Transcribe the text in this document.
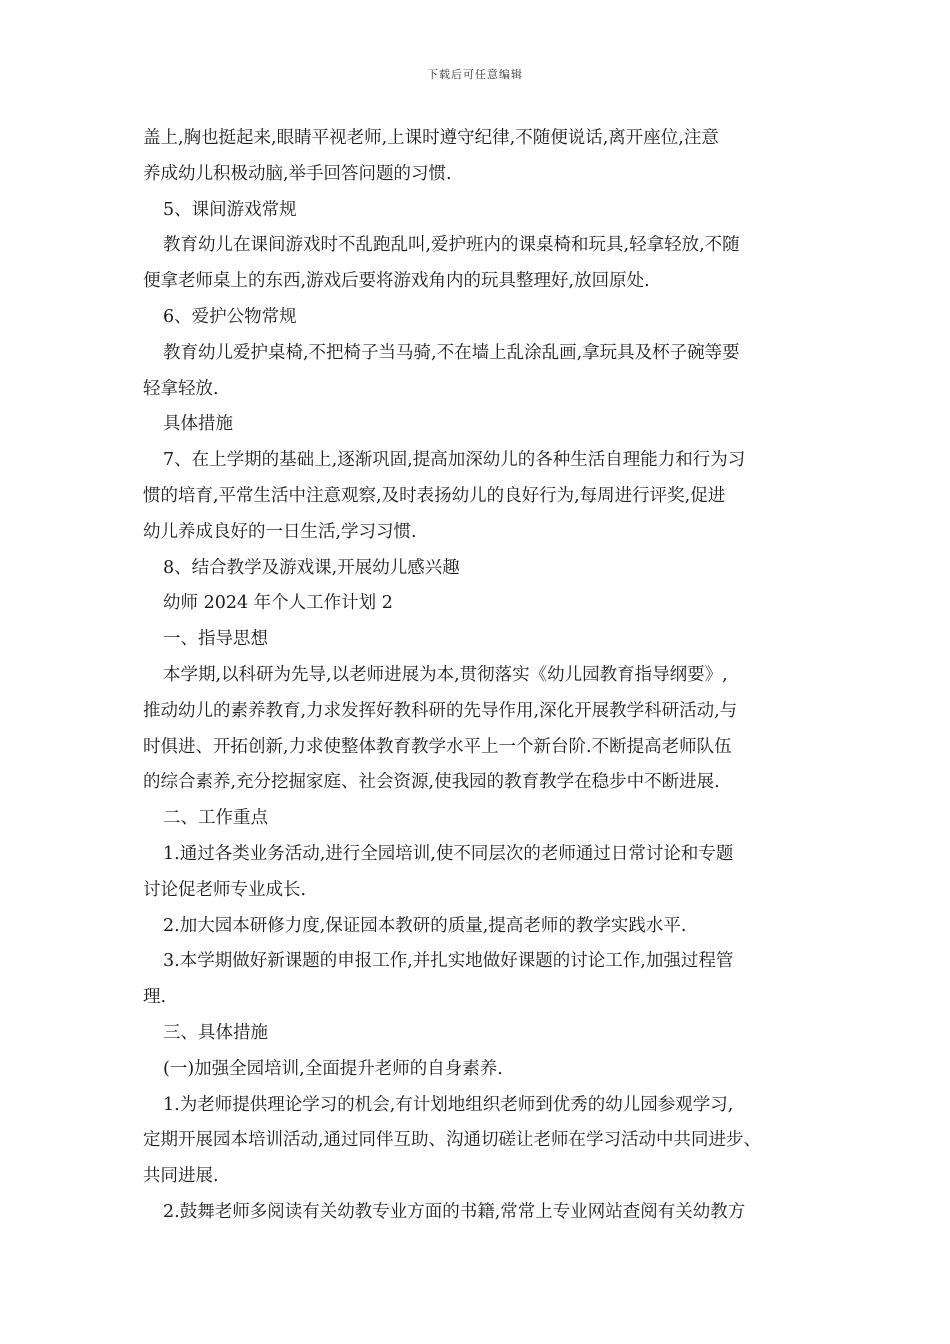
下载后可任意编辑
盖上,胸也挺起来,眼睛平视老师,上课时遵守纪律,不随便说话,离开座位,注意
养成幼儿积极动脑,举手回答问题的习惯.
5、课间游戏常规
教育幼儿在课间游戏时不乱跑乱叫,爱护班内的课桌椅和玩具,轻拿轻放,不随
便拿老师桌上的东西,游戏后要将游戏角内的玩具整理好,放回原处.
6、爱护公物常规
教育幼儿爱护桌椅,不把椅子当马骑,不在墙上乱涂乱画,拿玩具及杯子碗等要
轻拿轻放.
具体措施
7、在上学期的基础上,逐渐巩固,提高加深幼儿的各种生活自理能力和行为习
惯的培育,平常生活中注意观察,及时表扬幼儿的良好行为,每周进行评奖,促进
幼儿养成良好的一日生活,学习习惯.
8、结合教学及游戏课,开展幼儿感兴趣
幼师 2024 年个人工作计划 2
一、指导思想
本学期,以科研为先导,以老师进展为本,贯彻落实《幼儿园教育指导纲要》,
推动幼儿的素养教育,力求发挥好教科研的先导作用,深化开展教学科研活动,与
时俱进、开拓创新,力求使整体教育教学水平上一个新台阶.不断提高老师队伍
的综合素养,充分挖掘家庭、社会资源,使我园的教育教学在稳步中不断进展.
二、工作重点
1.通过各类业务活动,进行全园培训,使不同层次的老师通过日常讨论和专题
讨论促老师专业成长.
2.加大园本研修力度,保证园本教研的质量,提高老师的教学实践水平.
3.本学期做好新课题的申报工作,并扎实地做好课题的讨论工作,加强过程管
理.
三、具体措施
(一)加强全园培训,全面提升老师的自身素养.
1.为老师提供理论学习的机会,有计划地组织老师到优秀的幼儿园参观学习,
定期开展园本培训活动,通过同伴互助、沟通切磋让老师在学习活动中共同进步、
共同进展.
2.鼓舞老师多阅读有关幼教专业方面的书籍,常常上专业网站查阅有关幼教方
